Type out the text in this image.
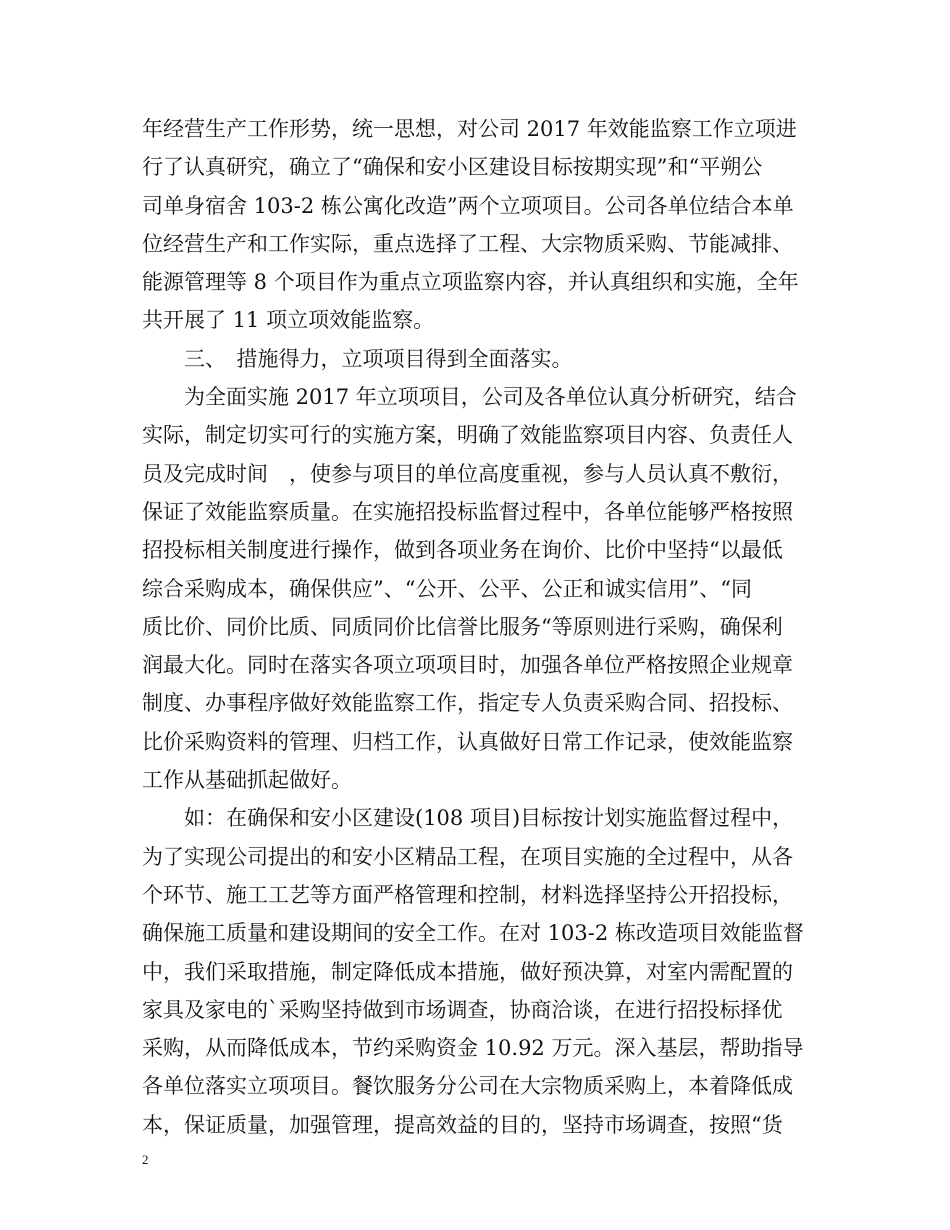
年经营生产工作形势，统一思想，对公司 2017 年效能监察工作立项进
行了认真研究，确立了“确保和安小区建设目标按期实现”和“平朔公
司单身宿舍 103-2 栋公寓化改造”两个立项项目。公司各单位结合本单
位经营生产和工作实际，重点选择了工程、大宗物质采购、节能减排、
能源管理等 8 个项目作为重点立项监察内容，并认真组织和实施，全年
共开展了 11 项立项效能监察。
　　三、　措施得力，立项项目得到全面落实。
　　为全面实施 2017 年立项项目，公司及各单位认真分析研究，结合
实际，制定切实可行的实施方案，明确了效能监察项目内容、负责任人
员及完成时间　，使参与项目的单位高度重视，参与人员认真不敷衍，
保证了效能监察质量。在实施招投标监督过程中，各单位能够严格按照
招投标相关制度进行操作，做到各项业务在询价、比价中坚持“以最低
综合采购成本，确保供应”、“公开、公平、公正和诚实信用”、“同
质比价、同价比质、同质同价比信誉比服务“等原则进行采购，确保利
润最大化。同时在落实各项立项项目时，加强各单位严格按照企业规章
制度、办事程序做好效能监察工作，指定专人负责采购合同、招投标、
比价采购资料的管理、归档工作，认真做好日常工作记录，使效能监察
工作从基础抓起做好。
　　如：在确保和安小区建设(108 项目)目标按计划实施监督过程中，
为了实现公司提出的和安小区精品工程，在项目实施的全过程中，从各
个环节、施工工艺等方面严格管理和控制，材料选择坚持公开招投标，
确保施工质量和建设期间的安全工作。在对 103-2 栋改造项目效能监督
中，我们采取措施，制定降低成本措施，做好预决算，对室内需配置的
家具及家电的`采购坚持做到市场调查，协商洽谈，在进行招投标择优
采购，从而降低成本，节约采购资金 10.92 万元。深入基层，帮助指导
各单位落实立项项目。餐饮服务分公司在大宗物质采购上，本着降低成
本，保证质量，加强管理，提高效益的目的，坚持市场调查，按照“货
2
